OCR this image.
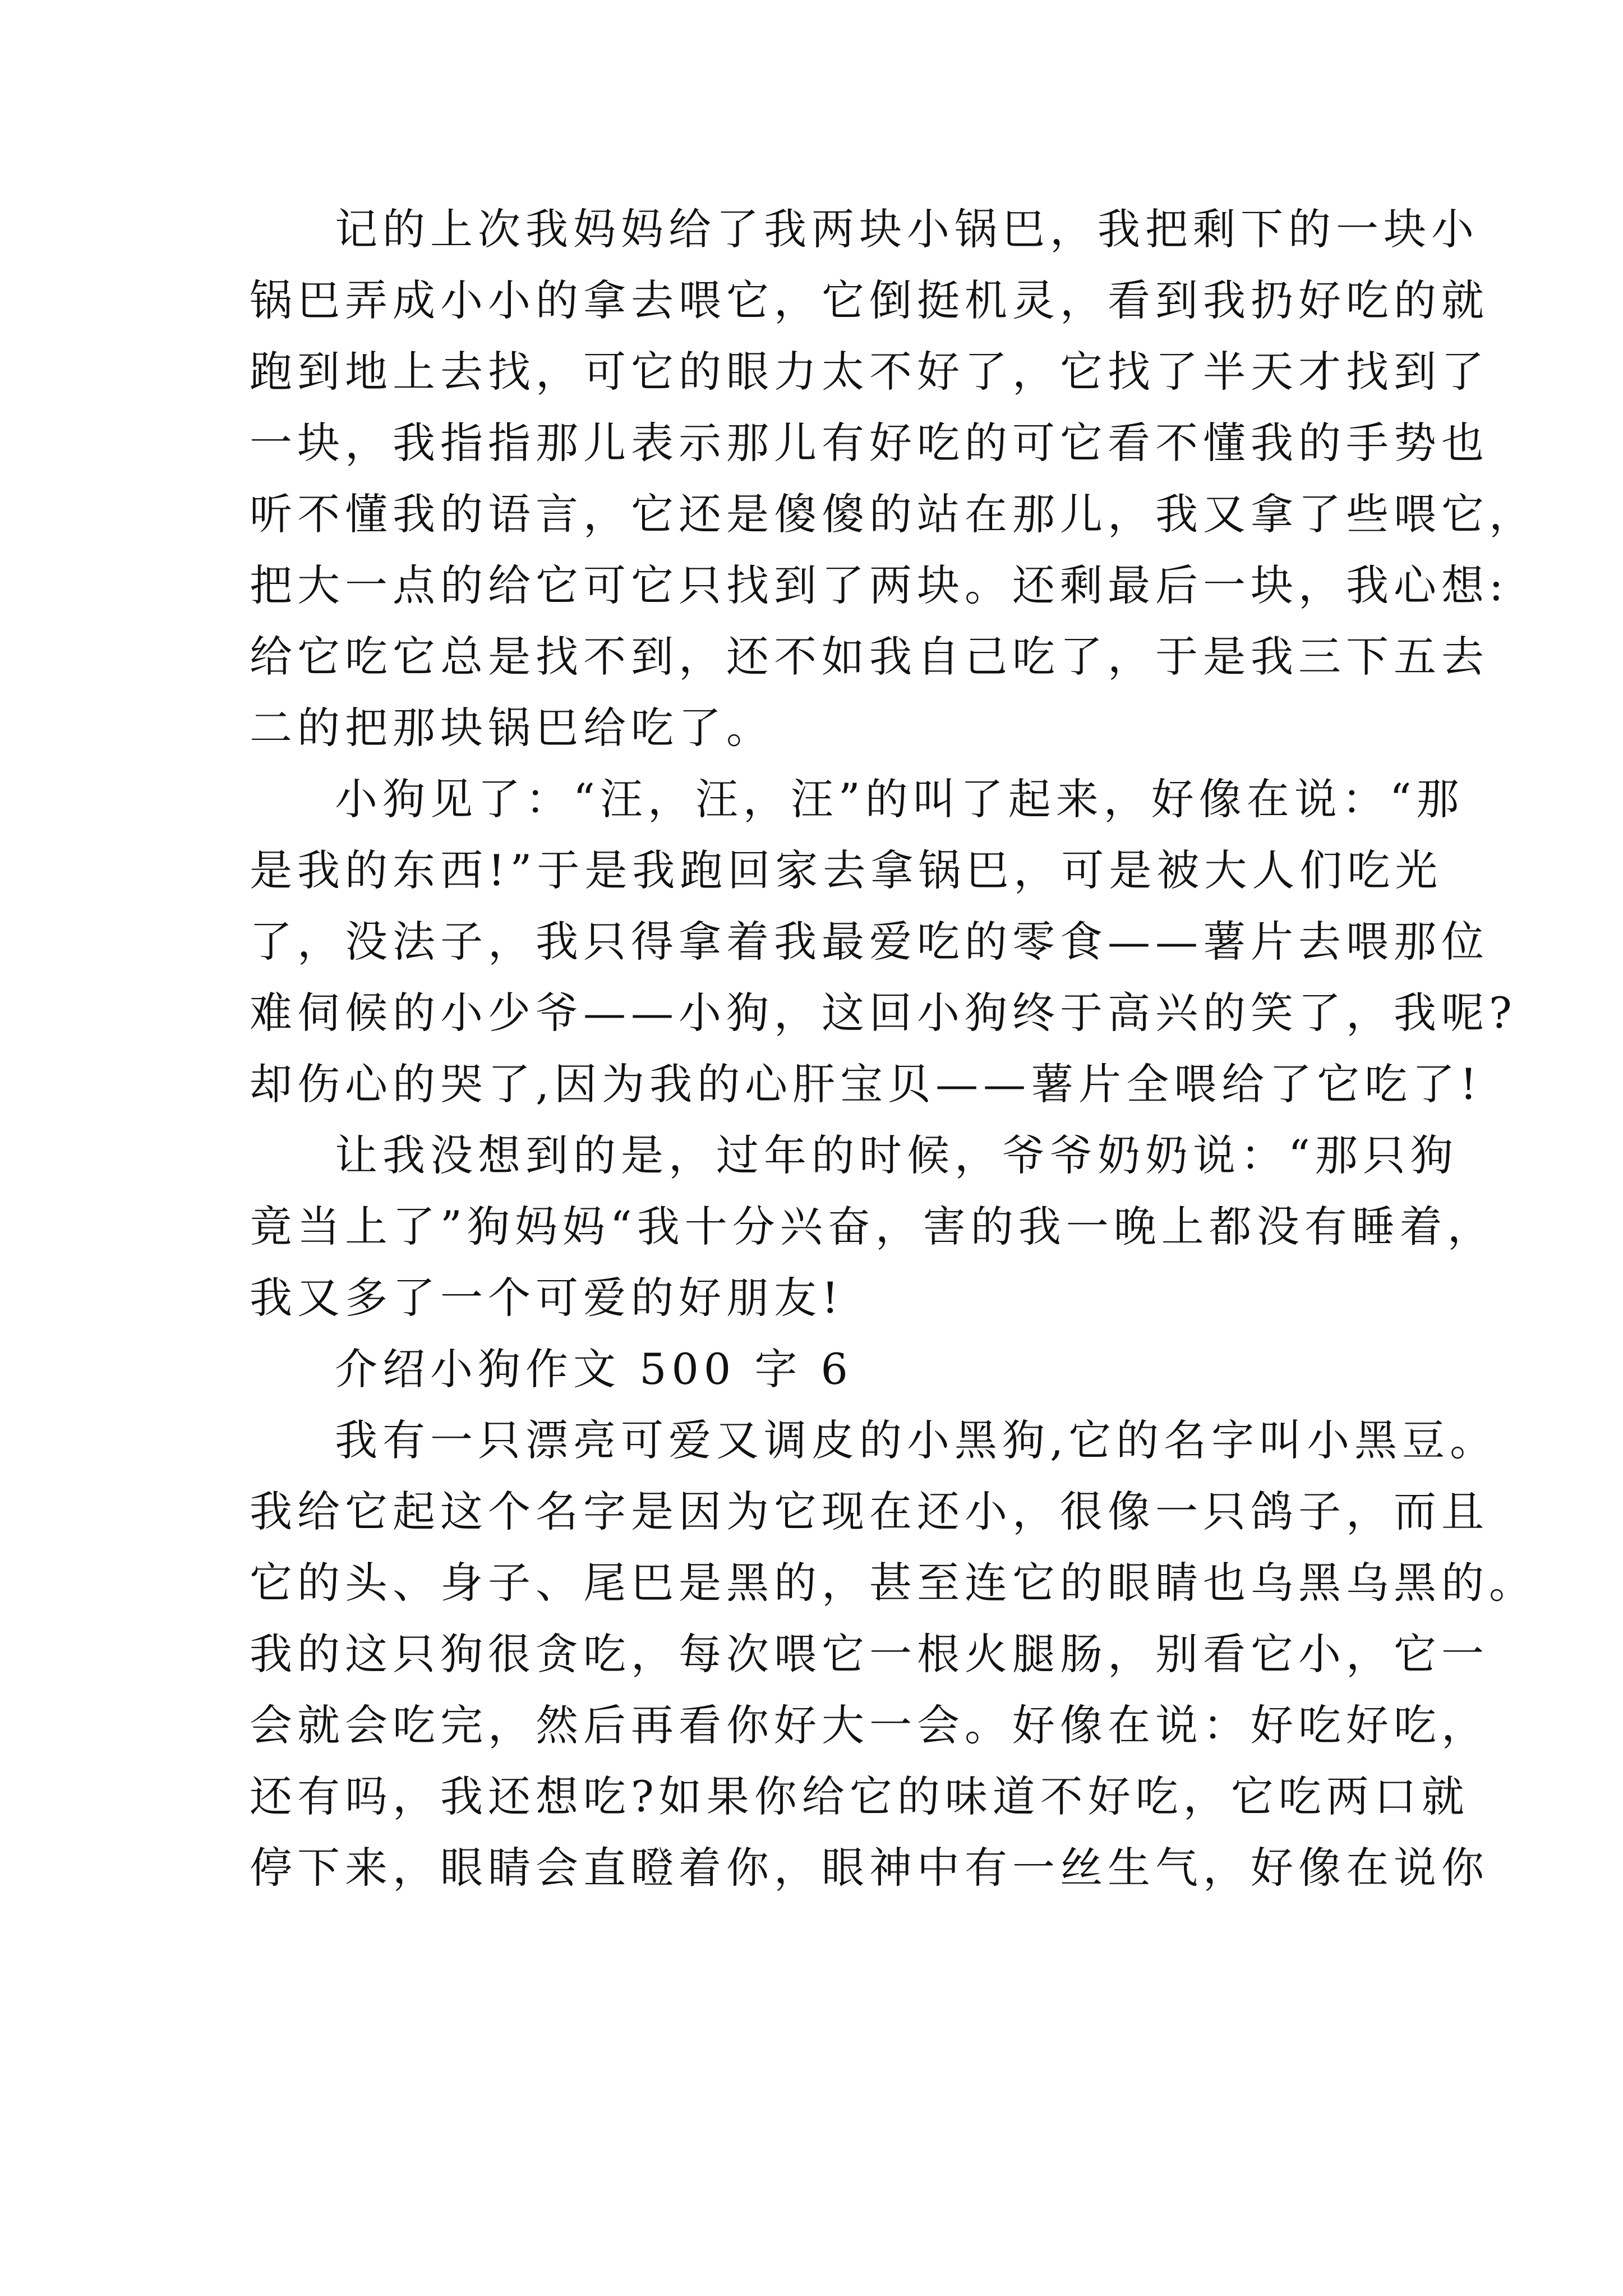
记的上次我妈妈给了我两块小锅巴，我把剩下的一块小
锅巴弄成小小的拿去喂它，它倒挺机灵，看到我扔好吃的就
跑到地上去找，可它的眼力太不好了，它找了半天才找到了
一块，我指指那儿表示那儿有好吃的可它看不懂我的手势也
听不懂我的语言，它还是傻傻的站在那儿，我又拿了些喂它，
把大一点的给它可它只找到了两块。还剩最后一块，我心想:
给它吃它总是找不到，还不如我自己吃了，于是我三下五去
二的把那块锅巴给吃了。
小狗见了：“汪，汪，汪”的叫了起来，好像在说：“那
是我的东西!”于是我跑回家去拿锅巴，可是被大人们吃光
了，没法子，我只得拿着我最爱吃的零食——薯片去喂那位
难伺候的小少爷——小狗，这回小狗终于高兴的笑了，我呢?
却伤心的哭了,因为我的心肝宝贝——薯片全喂给了它吃了!
让我没想到的是，过年的时候，爷爷奶奶说：“那只狗
竟当上了”狗妈妈“我十分兴奋，害的我一晚上都没有睡着，
我又多了一个可爱的好朋友!
介绍小狗作文 500 字 6
我有一只漂亮可爱又调皮的小黑狗,它的名字叫小黑豆。
我给它起这个名字是因为它现在还小，很像一只鸽子，而且
它的头、身子、尾巴是黑的，甚至连它的眼睛也乌黑乌黑的。
我的这只狗很贪吃，每次喂它一根火腿肠，别看它小，它一
会就会吃完，然后再看你好大一会。好像在说：好吃好吃，
还有吗，我还想吃?如果你给它的味道不好吃，它吃两口就
停下来，眼睛会直瞪着你，眼神中有一丝生气，好像在说你
